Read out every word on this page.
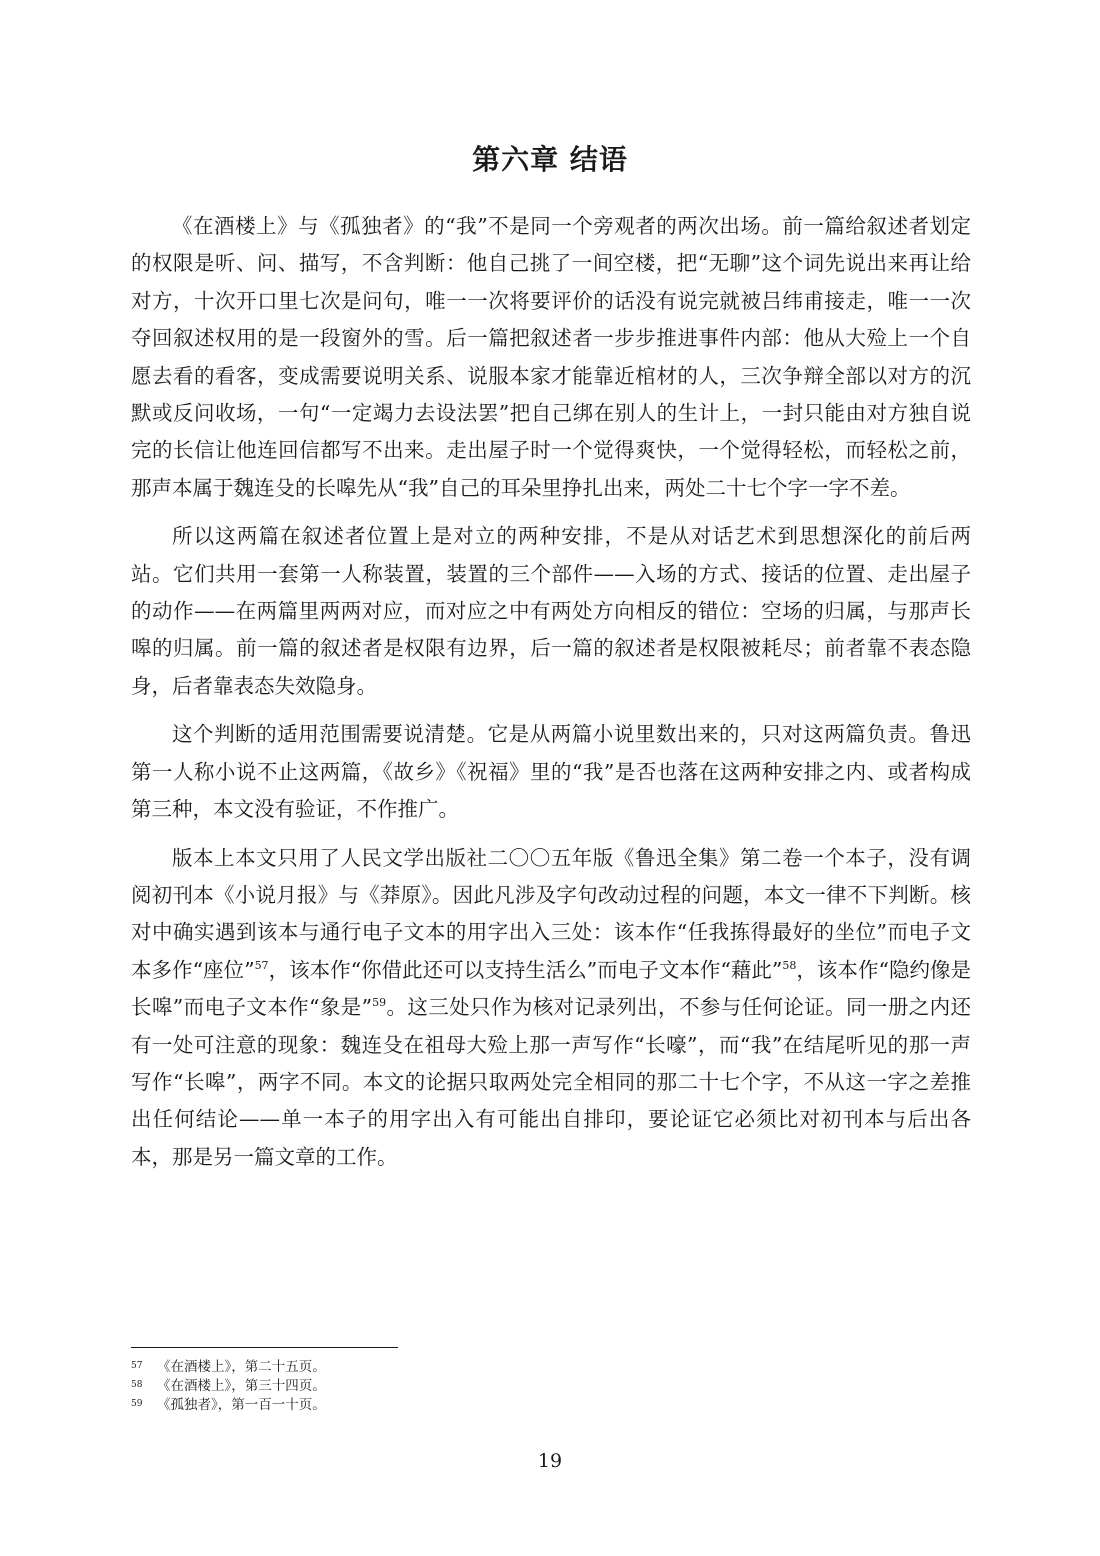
第六章 结语

《在酒楼上》与《孤独者》的“我”不是同一个旁观者的两次出场。前一篇给叙述者划定的权限是听、问、描写，不含判断：他自己挑了一间空楼，把“无聊”这个词先说出来再让给对方，十次开口里七次是问句，唯一一次将要评价的话没有说完就被吕纬甫接走，唯一一次夺回叙述权用的是一段窗外的雪。后一篇把叙述者一步步推进事件内部：他从大殓上一个自愿去看的看客，变成需要说明关系、说服本家才能靠近棺材的人，三次争辩全部以对方的沉默或反问收场，一句“一定竭力去设法罢”把自己绑在别人的生计上，一封只能由对方独自说完的长信让他连回信都写不出来。走出屋子时一个觉得爽快，一个觉得轻松，而轻松之前，那声本属于魏连殳的长嗥先从“我”自己的耳朵里挣扎出来，两处二十七个字一字不差。

所以这两篇在叙述者位置上是对立的两种安排，不是从对话艺术到思想深化的前后两站。它们共用一套第一人称装置，装置的三个部件——入场的方式、接话的位置、走出屋子的动作——在两篇里两两对应，而对应之中有两处方向相反的错位：空场的归属，与那声长嗥的归属。前一篇的叙述者是权限有边界，后一篇的叙述者是权限被耗尽；前者靠不表态隐身，后者靠表态失效隐身。

这个判断的适用范围需要说清楚。它是从两篇小说里数出来的，只对这两篇负责。鲁迅第一人称小说不止这两篇，《故乡》《祝福》里的“我”是否也落在这两种安排之内、或者构成第三种，本文没有验证，不作推广。

版本上本文只用了人民文学出版社二〇〇五年版《鲁迅全集》第二卷一个本子，没有调阅初刊本《小说月报》与《莽原》。因此凡涉及字句改动过程的问题，本文一律不下判断。核对中确实遇到该本与通行电子文本的用字出入三处：该本作“任我拣得最好的坐位”而电子文本多作“座位”$^{57}$，该本作“你借此还可以支持生活么”而电子文本作“藉此”$^{58}$，该本作“隐约像是长嗥”而电子文本作“象是”$^{59}$。这三处只作为核对记录列出，不参与任何论证。同一册之内还有一处可注意的现象：魏连殳在祖母大殓上那一声写作“长嚎”，而“我”在结尾听见的那一声写作“长嗥”，两字不同。本文的论据只取两处完全相同的那二十七个字，不从这一字之差推出任何结论——单一本子的用字出入有可能出自排印，要论证它必须比对初刊本与后出各本，那是另一篇文章的工作。

57 《在酒楼上》，第二十五页。
58 《在酒楼上》，第三十四页。
59 《孤独者》，第一百一十页。
19
